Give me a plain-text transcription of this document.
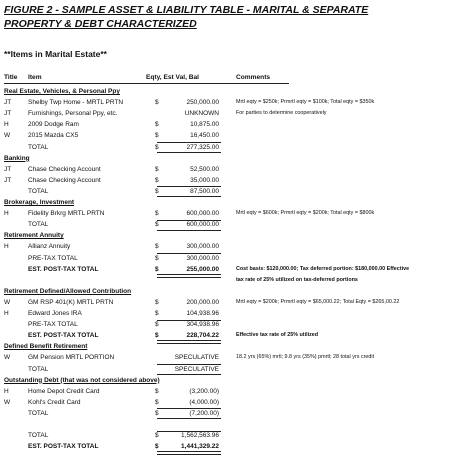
FIGURE 2 - SAMPLE ASSET & LIABILITY TABLE - MARITAL & SEPARATE
PROPERTY & DEBT CHARACTERIZED
**Items in Marital Estate**
Title Item	Eqty, Est Val, Bal	Comments
Real Estate, Vehicles, & Personal Ppy
JT	Shelby Twp Home - MRTL PRTN	$	250,000.00	Mrtl eqty = $250k; Prmrtl eqty = $100k; Total eqty = $350k
JT	Furnishings, Personal Ppy, etc.	UNKNOWN	For parties to determine cooperatively
H	2009 Dodge Ram	$	10,875.00
W	2015 Mazda CX5	$	16,450.00
TOTAL	$	277,325.00
Banking
JT	Chase Checking Account	$	52,500.00
JT	Chase Checking Account	$	35,000.00
TOTAL	$	87,500.00
Brokerage, Investment
H	Fidelity Brkrg MRTL PRTN	$	600,000.00	Mrtl eqty = $600k; Prmrtl eqty = $200k; Total eqty = $800k
TOTAL	$	600,000.00
Retirement Annuity
H	Allianz Annuity	$	300,000.00
PRE-TAX TOTAL	$	300,000.00
EST. POST-TAX TOTAL	$	255,000.00	Cost basis: $120,000.00; Tax deferred portion: $180,000.00 Effective
tax rate of 25% utilized on tax-deferred portions
Retirement Defined/Allowed Contribution
W	GM RSP 401(K) MRTL PRTN	$	200,000.00	Mrtl eqty = $200k; Prmrtl eqty = $65,000.22; Total Eqty = $265,00.22
H	Edward Jones IRA	$	104,938.96
PRE-TAX TOTAL	$	304,938.96
EST. POST-TAX TOTAL	$	228,704.22	Effective tax rate of 25% utilized
Defined Benefit Retirement
W	GM Pension MRTL PORTION	SPECULATIVE	18.2 yrs (65%) mrtl; 9.8 yrs (35%) pmrtl; 28 total yrs credit
TOTAL	SPECULATIVE
Outstanding Debt (that was not considered above)
H	Home Depot Credit Card	$	(3,200.00)
W	Kohl's Credit Card	$	(4,000.00)
TOTAL	$	(7,200.00)
TOTAL	$	1,562,563.96
EST. POST-TAX TOTAL	$	1,441,329.22
